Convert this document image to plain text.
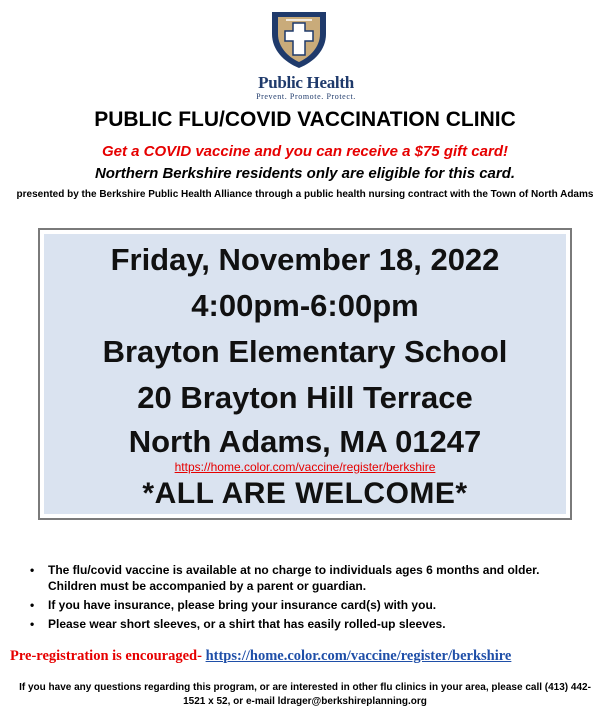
Public Health
Prevent. Promote. Protect.
PUBLIC FLU/COVID VACCINATION CLINIC
Get a COVID vaccine and you can receive a $75 gift card!
Northern Berkshire residents only are eligible for this card.
presented by the Berkshire Public Health Alliance through a public health nursing contract with the Town of North Adams
Friday, November 18, 2022
4:00pm-6:00pm
Brayton Elementary School
20 Brayton Hill Terrace
North Adams, MA 01247
https://home.color.com/vaccine/register/berkshire
*ALL ARE WELCOME*
• The flu/covid vaccine is available at no charge to individuals ages 6 months and older. Children must be accompanied by a parent or guardian.
• If you have insurance, please bring your insurance card(s) with you.
• Please wear short sleeves, or a shirt that has easily rolled-up sleeves.
Pre-registration is encouraged- https://home.color.com/vaccine/register/berkshire
If you have any questions regarding this program, or are interested in other flu clinics in your area, please call (413) 442-1521 x 52, or e-mail ldrager@berkshireplanning.org
